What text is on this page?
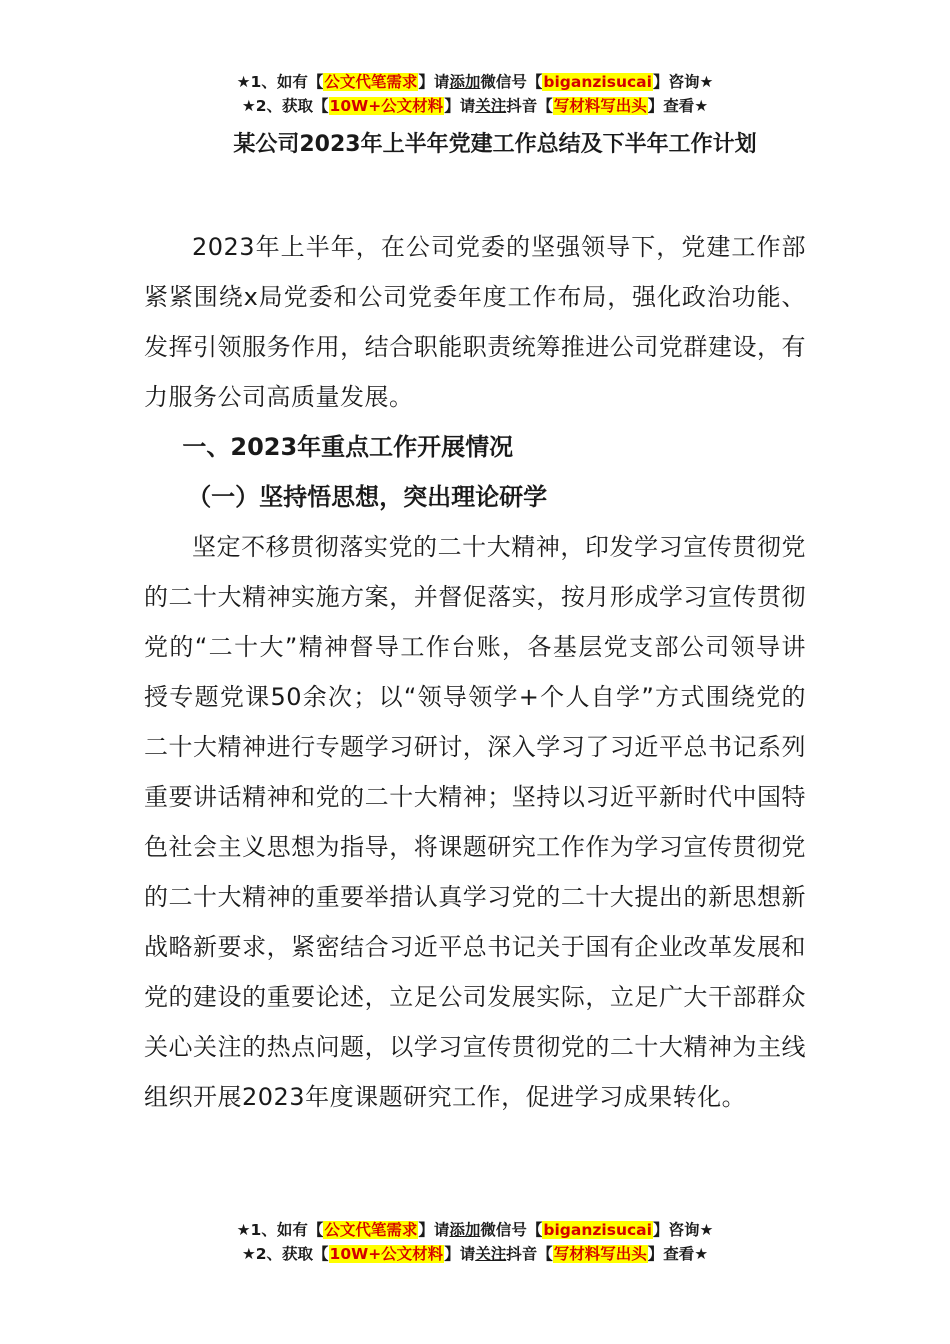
★1、如有【公文代笔需求】请添加微信号【biganzisucai】咨询★
★2、获取【10W+公文材料】请关注抖音【写材料写出头】查看★
某公司2023年上半年党建工作总结及下半年工作计划

2023年上半年，在公司党委的坚强领导下，党建工作部紧紧围绕x局党委和公司党委年度工作布局，强化政治功能、发挥引领服务作用，结合职能职责统筹推进公司党群建设，有力服务公司高质量发展。

一、2023年重点工作开展情况

（一）坚持悟思想，突出理论研学

坚定不移贯彻落实党的二十大精神，印发学习宣传贯彻党的二十大精神实施方案，并督促落实，按月形成学习宣传贯彻党的“二十大”精神督导工作台账，各基层党支部公司领导讲授专题党课50余次；以“领导领学+个人自学”方式围绕党的二十大精神进行专题学习研讨，深入学习了习近平总书记系列重要讲话精神和党的二十大精神；坚持以习近平新时代中国特色社会主义思想为指导，将课题研究工作作为学习宣传贯彻党的二十大精神的重要举措认真学习党的二十大提出的新思想新战略新要求，紧密结合习近平总书记关于国有企业改革发展和党的建设的重要论述，立足公司发展实际，立足广大干部群众关心关注的热点问题，以学习宣传贯彻党的二十大精神为主线组织开展2023年度课题研究工作，促进学习成果转化。

★1、如有【公文代笔需求】请添加微信号【biganzisucai】咨询★
★2、获取【10W+公文材料】请关注抖音【写材料写出头】查看★
